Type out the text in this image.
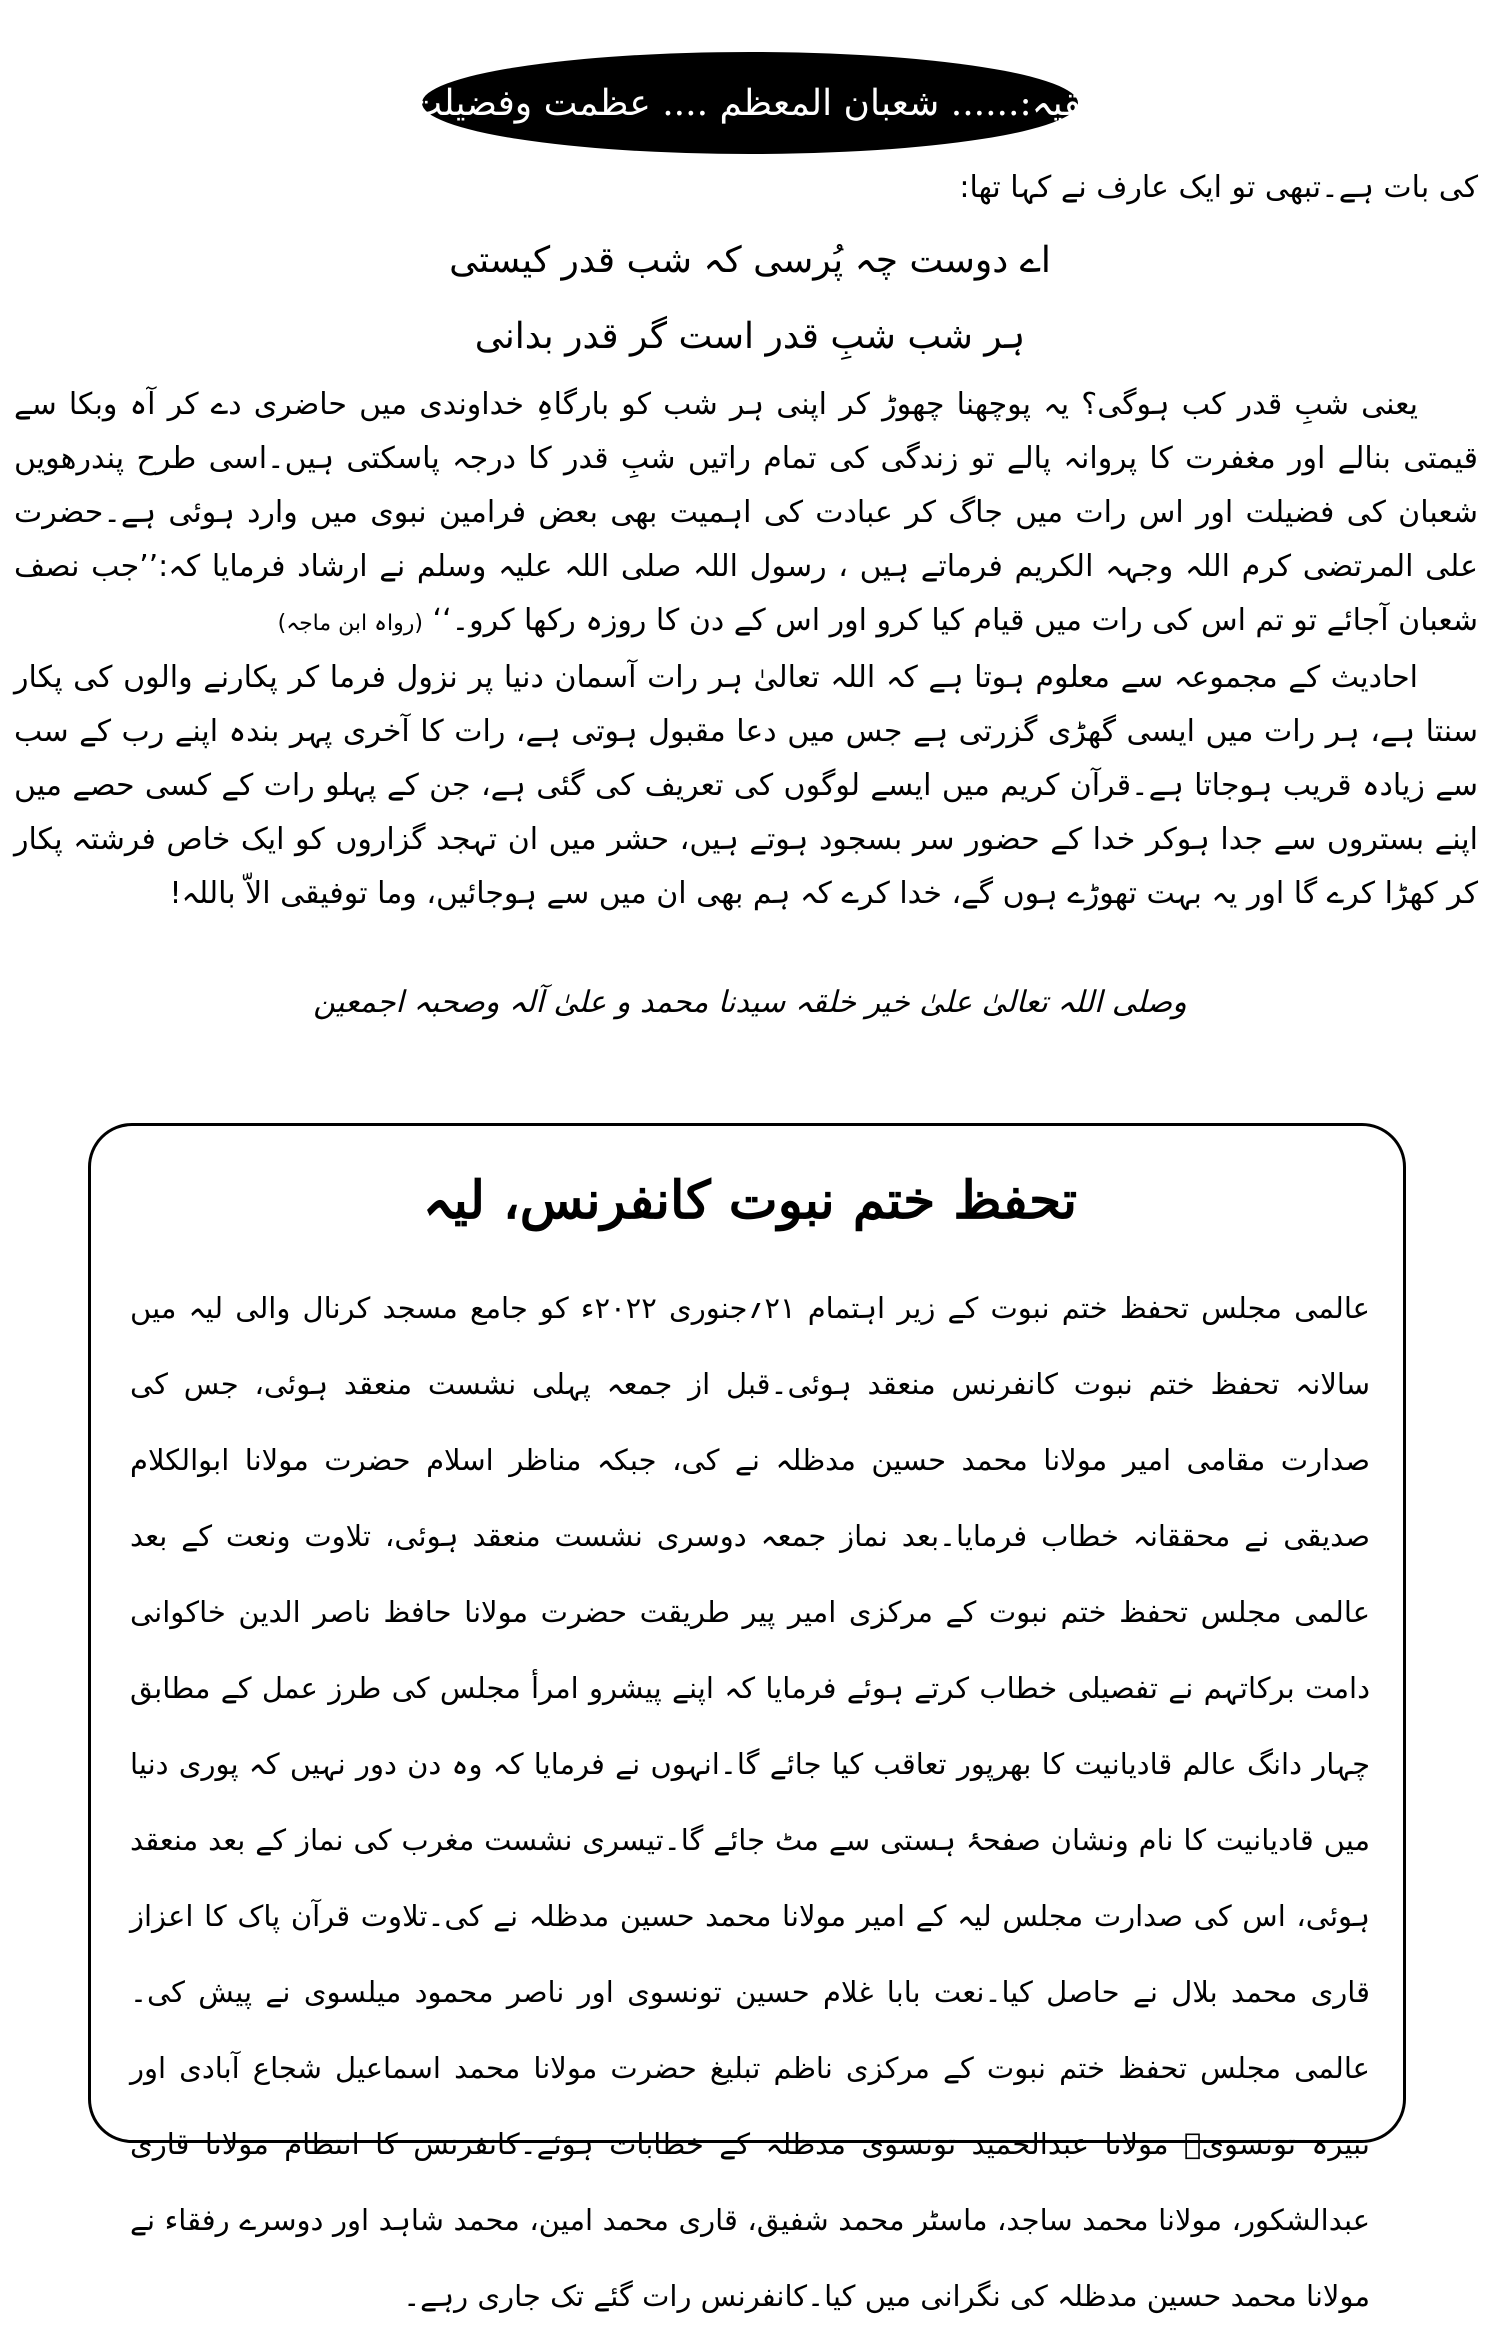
بقیہ:...... شعبان المعظم .... عظمت وفضیلت
کی بات ہے۔تبھی تو ایک عارف نے کہا تھا:
اے دوست چہ پُرسی کہ شب قدر کیستی
ہر شب شبِ قدر است گر قدر بدانی

یعنی شبِ قدر کب ہوگی؟ یہ پوچھنا چھوڑ کر اپنی ہر شب کو بارگاہِ خداوندی میں حاضری دے کر آہ وبکا سے قیمتی بنالے اور مغفرت کا پروانہ پالے تو زندگی کی تمام راتیں شبِ قدر کا درجہ پاسکتی ہیں۔اسی طرح پندرھویں شعبان کی فضیلت اور اس رات میں جاگ کر عبادت کی اہمیت بھی بعض فرامین نبوی میں وارد ہوئی ہے۔حضرت علی المرتضی کرم اللہ وجہہ الکریم فرماتے ہیں ، رسول اللہ صلی اللہ علیہ وسلم نے ارشاد فرمایا کہ:’’جب نصف شعبان آجائے تو تم اس کی رات میں قیام کیا کرو اور اس کے دن کا روزہ رکھا کرو۔‘‘ (رواہ ابن ماجہ)

احادیث کے مجموعہ سے معلوم ہوتا ہے کہ اللہ تعالیٰ ہر رات آسمان دنیا پر نزول فرما کر پکارنے والوں کی پکار سنتا ہے، ہر رات میں ایسی گھڑی گزرتی ہے جس میں دعا مقبول ہوتی ہے، رات کا آخری پہر بندہ اپنے رب کے سب سے زیادہ قریب ہوجاتا ہے۔قرآن کریم میں ایسے لوگوں کی تعریف کی گئی ہے، جن کے پہلو رات کے کسی حصے میں اپنے بستروں سے جدا ہوکر خدا کے حضور سر بسجود ہوتے ہیں، حشر میں ان تہجد گزاروں کو ایک خاص فرشتہ پکار کر کھڑا کرے گا اور یہ بہت تھوڑے ہوں گے، خدا کرے کہ ہم بھی ان میں سے ہوجائیں، وما توفیقی الاّ باللہ!

وصلی اللہ تعالیٰ علیٰ خیر خلقہ سیدنا محمد و علیٰ آلہ وصحبہ اجمعین
تحفظ ختم نبوت کانفرنس، لیہ

عالمی مجلس تحفظ ختم نبوت کے زیر اہتمام ۲۱؍جنوری ۲۰۲۲ء کو جامع مسجد کرنال والی لیہ میں سالانہ تحفظ ختم نبوت کانفرنس منعقد ہوئی۔قبل از جمعہ پہلی نشست منعقد ہوئی، جس کی صدارت مقامی امیر مولانا محمد حسین مدظلہ نے کی، جبکہ مناظر اسلام حضرت مولانا ابوالکلام صدیقی نے محققانہ خطاب فرمایا۔بعد نماز جمعہ دوسری نشست منعقد ہوئی، تلاوت ونعت کے بعد عالمی مجلس تحفظ ختم نبوت کے مرکزی امیر پیر طریقت حضرت مولانا حافظ ناصر الدین خاکوانی دامت برکاتہم نے تفصیلی خطاب کرتے ہوئے فرمایا کہ اپنے پیشرو امرأ مجلس کی طرز عمل کے مطابق چہار دانگ عالم قادیانیت کا بھرپور تعاقب کیا جائے گا۔انہوں نے فرمایا کہ وہ دن دور نہیں کہ پوری دنیا میں قادیانیت کا نام ونشان صفحۂ ہستی سے مٹ جائے گا۔تیسری نشست مغرب کی نماز کے بعد منعقد ہوئی، اس کی صدارت مجلس لیہ کے امیر مولانا محمد حسین مدظلہ نے کی۔تلاوت قرآن پاک کا اعزاز قاری محمد بلال نے حاصل کیا۔نعت بابا غلام حسین تونسوی اور ناصر محمود میلسوی نے پیش کی۔عالمی مجلس تحفظ ختم نبوت کے مرکزی ناظم تبلیغ حضرت مولانا محمد اسماعیل شجاع آبادی اور نبیرہ تونسویؒ مولانا عبدالحمید تونسوی مدظلہ کے خطابات ہوئے۔کانفرنس کا انتظام مولانا قاری عبدالشکور، مولانا محمد ساجد، ماسٹر محمد شفیق، قاری محمد امین، محمد شاہد اور دوسرے رفقاء نے مولانا محمد حسین مدظلہ کی نگرانی میں کیا۔کانفرنس رات گئے تک جاری رہے۔
